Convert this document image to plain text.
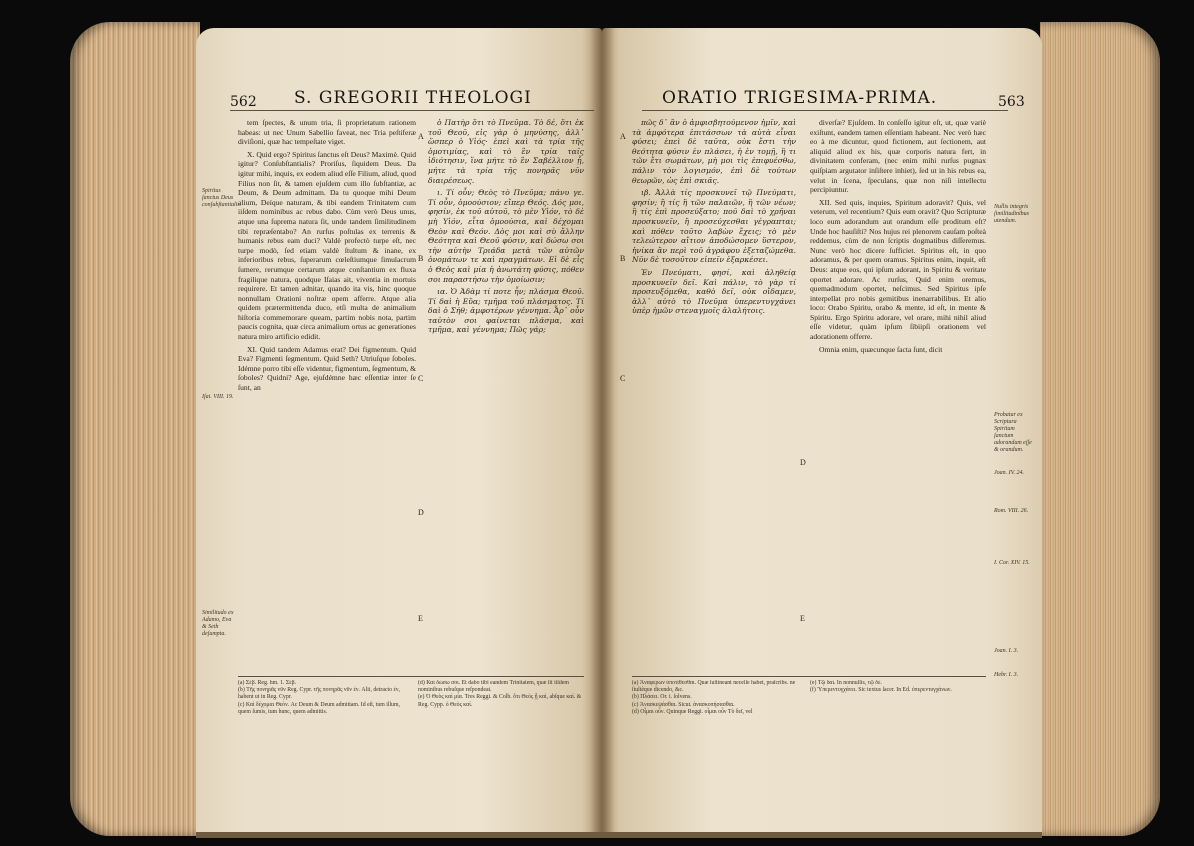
562 S. GREGORII THEOLOGI
Spiritus ſanctus Deus conſubſtantialis.
Iſai. VIII. 19.
Similitudo ex Adamo, Eva & Seth deſumpta.

tem ſpectes, & unum tria, ſi proprietatum rationem habeas: ut nec Unum Sabellio faveat, nec Tria peſtiferæ diviſioni, quæ hac tempeſtate viget.

X. Quid ergo? Spiritus ſanctus eſt Deus? Maximè. Quid igitur? Conſubſtantialis? Proriſus, ſiquidem Deus. Da igitur mihi, inquis, ex eodem aliud eſſe Filium, aliud, quod Filius non ſit, & tamen ejuſdem cum illo ſubſtantiæ, ac Deum, & Deum admittam. Da tu quoque mihi Deum alium, Deíque naturam, & tibi eandem Trinitatem cum iiſdem nominibus ac rebus dabo. Cùm verò Deus unus, atque una ſuprema natura ſit, unde tandem ſimilitudinem tibi repræſentabo? An rurſus poſtulas ex terrenis & humanis rebus eam duci? Valdè profectò turpe eſt, nec turpe modò, ſed etiam valdè ſtultum & inane, ex inferioribus rebus, ſuperarum cœleſtiumque ſimulacrum ſumere, rerumque certarum atque conſtantium ex fluxa fragilique natura, quodque Iſaias ait, viventia in mortuis requirere. Et tamen adnitar, quando ita vis, hinc quoque nonnullam Orationi noſtræ opem afferre. Atque alia quidem prætermittenda duco, etſi multa de animalium hiſtoria commemorare queam, partim nobis nota, partim paucis cognita, quæ circa animalium ortus ac generationes natura miro artificio edidit.

XI. Quid tandem Adamus erat? Dei figmentum. Quid Eva? Figmenti ſegmentum. Quid Seth? Utriuſque ſoboles. Idémne porro tibi eſſe videntur, figmentum, ſegmentum, & ſoboles? Quidni? Age, ejuſdémne hæc eſſentiæ inter ſe ſunt, an

A
B
C
D
E

ὁ Πατὴρ ὅτι τὸ Πνεῦμα. Τὸ δέ, ὅτι ἐκ τοῦ Θεοῦ, εἰς γὰρ ὁ μηνύσης, ἀλλ᾽ ὥσπερ ὁ Υἱός· ἐπεὶ καὶ τὰ τρία τῆς ὁμοτιμίας, καὶ τὸ ἓν τρία ταῖς ἰδιότησιν, ἵνα μήτε τὸ ἓν Σαβέλλιον ᾖ, μήτε τὰ τρία τῆς πονηρᾶς νῦν διαιρέσεως.

ι. Τί οὖν; Θεὸς τὸ Πνεῦμα; πάνυ γε. Τί οὖν, ὁμοούσιον; εἴπερ Θεός. Δός μοι, φησίν, ἐκ τοῦ αὐτοῦ, τὸ μὲν Υἱόν, τὸ δὲ μὴ Υἱόν, εἶτα ὁμοούσια, καὶ δέχομαι Θεὸν καὶ Θεόν. Δὸς μοι καὶ σὺ ἄλλην Θεότητα καὶ Θεοῦ φύσιν, καὶ δώσω σοι τὴν αὐτὴν Τριάδα μετὰ τῶν αὐτῶν ὀνομάτων τε καὶ πραγμάτων. Εἰ δὲ εἷς ὁ Θεὸς καὶ μία ἡ ἀνωτάτη φύσις, πόθεν σοι παραστήσω τὴν ὁμοίωσιν;

ια. Ὁ Ἀδὰμ τί ποτε ἦν; πλάσμα Θεοῦ. Τί δαὶ ἡ Εὕα; τμῆμα τοῦ πλάσματος. Τί δαὶ ὁ Σήθ; ἀμφοτέρων γέννημα. Ἆρ᾽ οὖν ταὐτὸν σοι φαίνεται πλάσμα, καὶ τμῆμα, καὶ γέννημα; Πῶς γάρ;

(a) Σέβ. Reg. hm. 1. Σέβ.
(b) Τῆς πονηρᾶς νῦν Reg. Cypr. τῆς πονηρᾶς νῦν ἐν. Alii, detracto ἐν, habent ut in Reg. Cypr.
(c) Καὶ δέχομαι Θεὸν. Ac Deum & Deum admittam. Id eſt, tum illum, quem ſumis, tum hunc, quem admittis.
(d) Καὶ δώσω σοι. Et dabo tibi eandem Trinitatem, quæ ſit iiſdem nominibus rebuſque reſpondeat.
(e) Ὁ Θεὸς καὶ μία. Tres Reggi. & Colb. ὅτι Θεὸς ᾖ καὶ, abſque καὶ. & Reg. Cypp. ὁ Θεὸς καί.
ORATIO TRIGESIMA-PRIMA.	563
A
B
C
D
E

πῶς δ᾽ ἂν ὁ ἀμφισβητούμενον ἡμῖν, καὶ τὰ ἀμφότερα ἐπιτάσσων τὰ αὐτὰ εἶναι φύσει; ἐπεὶ δὲ ταῦτα, οὐκ ἔστι τὴν θεότητα φύσιν ἐν πλάσει, ἡ ἐν τομῇ, ἢ τι τῶν ἔτι σωμάτων, μὴ μοι τὶς ἐπιφυέσθω, πάλιν τὸν λογισμόν, ἐπὶ δὲ τούτων θεωρῶν, ὡς ἐπὶ σκιᾶς.

ιβ. Ἀλλὰ τίς προσκυνεῖ τῷ Πνεύματι, φησίν; ἢ τίς ἢ τῶν παλαιῶν, ἢ τῶν νέων; ἢ τίς ἐπὶ προσεύξατο; ποῦ δαὶ τὸ χρῆναι προσκυνεῖν, ἢ προσεύχεσθαι γέγραπται; καὶ πόθεν τοῦτο λαβὼν ἔχεις; τὸ μὲν τελεώτερον αἴτιον ἀποδώσομεν ὕστερον, ἡνίκα ἂν περὶ τοῦ ἀγράφου ἐξεταζώμεθα. Νῦν δὲ τοσοῦτον εἰπεῖν ἐξαρκέσει.

Ἐν Πνεύματι, φησί, καὶ ἀληθείᾳ προσκυνεῖν δεῖ. Καὶ πάλιν, τὸ γὰρ τί προσευξόμεθα, καθὸ δεῖ, οὐκ οἴδαμεν, ἀλλ᾽ αὐτὸ τὸ Πνεῦμα ὑπερεντυγχάνει ὑπὲρ ἡμῶν στεναγμοῖς ἀλαλήτοις.

diverſæ? Ejuſdem. In conſeſſo igitur eſt, ut, quæ variè exiſtunt, eandem tamen eſſentiam habeant. Nec verò hæc eo à me dicuntur, quod fictionem, aut ſectionem, aut aliquid aliud ex his, quæ corporis natura fert, in divinitatem conferam, (nec enim mihi rurſus pugnax quiſpiam argutator inſiſtere inhiet), ſed ut in his rebus ea, velut in ſcena, ſpeculans, quæ non niſi intellectu percipiuntur.

XII. Sed quis, inquies, Spiritum adoravit? Quis, vel veterum, vel recentium? Quis eum oravit? Quo Scripturæ loco eum adorandum aut orandum eſſe proditum eſt? Unde hoc hauſiſti? Nos hujus rei plenorem cauſam poſteà reddemus, cùm de non ſcriptis dogmatibus diſſeremus. Nunc verò hoc dicere ſufficiet. Spiritus eſt, in quo adoramus, & per quem oramus. Spiritus enim, inquit, eſt Deus: atque eos, qui ipſum adorant, in Spiritu & veritate oportet adorare. Ac rurſus, Quid enim oremus, quemadmodum oportet, neſcimus. Sed Spiritus ipſe interpellat pro nobis gemitibus inenarrabilibus. Et alio loco: Orabo Spiritu, orabo & mente, id eſt, in mente & Spiritu. Ergo Spiritu adorare, vel orare, mihi nihil aliud eſſe videtur, quàm ipſum ſibiipſi orationem vel adorationem offerre.

Omnia enim, quæcunque ſacta ſunt, dicit

Nullis integris ſimilitudinibus utendum.
Probatur ex Scriptura Spiritum ſanctum adorandum eſſe & orandum.
Joan. IV. 24.
Rom. VIII. 26.
I. Cor. XIV. 15.
Joan. I. 3.
Hebr. I. 3.
(a) Ἀναφέρων ὑποτίθεσθαι. Quæ ſuſtineant neceſſe habet, praſcribs. ne ſtultèque dicendo, &c.
(b) Πλάσει. Or. i. ſolvens.
(c) Ἀνασκεψάσθαι. Sicut. ἀνασκοπήσασθαι.
(d) Οἶμαι οὖν. Quinque Reggi. οἶμαι οὖν Τὸ δεῖ, vel
(e) Τῷ δαί. In nonnullis, τῷ δὲ.
(f) Ὑπερεντυγχάνει. Sic textus ſacer. In Ed. ὑπερεντυγχάνων.
